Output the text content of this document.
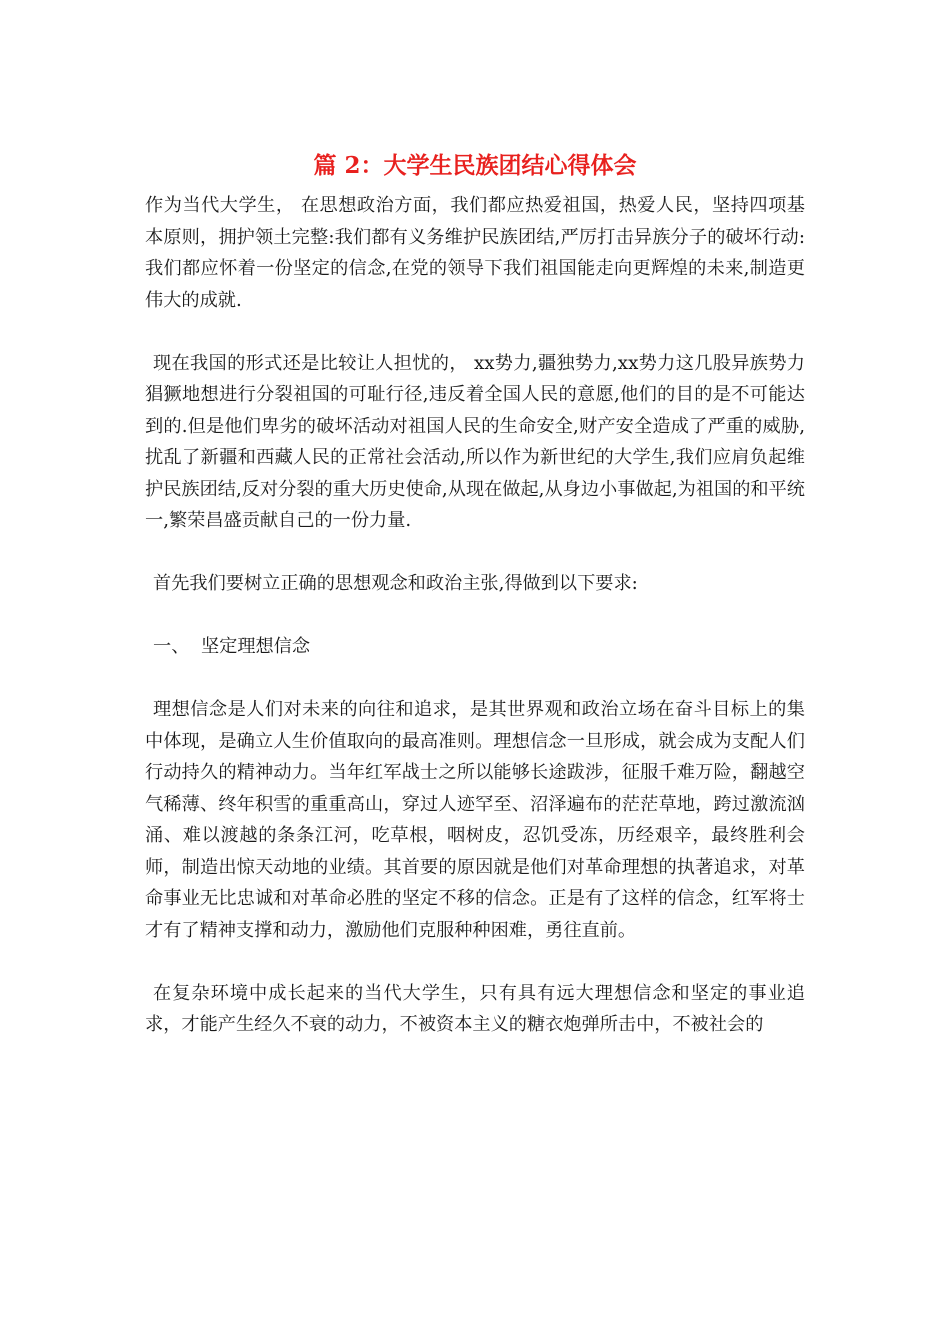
篇 2：大学生民族团结心得体会

作为当代大学生， 在思想政治方面，我们都应热爱祖国，热爱人民，坚持四项基本原则，拥护领土完整:我们都有义务维护民族团结,严厉打击异族分子的破坏行动:我们都应怀着一份坚定的信念,在党的领导下我们祖国能走向更辉煌的未来,制造更伟大的成就.

现在我国的形式还是比较让人担忧的， xx势力,疆独势力,xx势力这几股异族势力猖獗地想进行分裂祖国的可耻行径,违反着全国人民的意愿,他们的目的是不可能达到的.但是他们卑劣的破坏活动对祖国人民的生命安全,财产安全造成了严重的威胁,扰乱了新疆和西藏人民的正常社会活动,所以作为新世纪的大学生,我们应肩负起维护民族团结,反对分裂的重大历史使命,从现在做起,从身边小事做起,为祖国的和平统一,繁荣昌盛贡献自己的一份力量.

首先我们要树立正确的思想观念和政治主张,得做到以下要求:

一、  坚定理想信念

理想信念是人们对未来的向往和追求，是其世界观和政治立场在奋斗目标上的集中体现，是确立人生价值取向的最高准则。理想信念一旦形成，就会成为支配人们行动持久的精神动力。当年红军战士之所以能够长途跋涉，征服千难万险，翻越空气稀薄、终年积雪的重重高山，穿过人迹罕至、沼泽遍布的茫茫草地，跨过激流汹涌、难以渡越的条条江河，吃草根，咽树皮，忍饥受冻，历经艰辛，最终胜利会师，制造出惊天动地的业绩。其首要的原因就是他们对革命理想的执著追求，对革命事业无比忠诚和对革命必胜的坚定不移的信念。正是有了这样的信念，红军将士才有了精神支撑和动力，激励他们克服种种困难，勇往直前。

在复杂环境中成长起来的当代大学生，只有具有远大理想信念和坚定的事业追求，才能产生经久不衰的动力，不被资本主义的糖衣炮弹所击中，不被社会的
